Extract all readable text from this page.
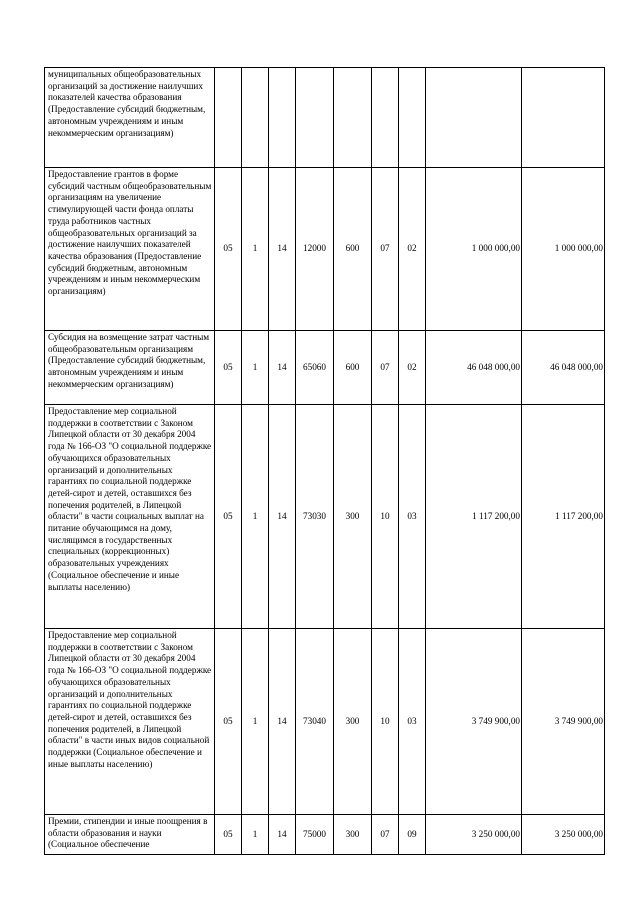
муниципальных общеобразовательных организаций за достижение наилучших показателей качества образования (Предоставление субсидий бюджетным, автономным учреждениям и иным некоммерческим организациям)									
Предоставление грантов в форме субсидий частным общеобразовательным организациям на увеличение стимулирующей части фонда оплаты труда работников частных общеобразовательных организаций за достижение наилучших показателей качества образования (Предоставление субсидий бюджетным, автономным учреждениям и иным некоммерческим организациям)	05	1	14	12000	600	07	02	1 000 000,00	1 000 000,00
Субсидия на возмещение затрат частным общеобразовательным организациям (Предоставление субсидий бюджетным, автономным учреждениям и иным некоммерческим организациям)	05	1	14	65060	600	07	02	46 048 000,00	46 048 000,00
Предоставление мер социальной поддержки в соответствии с Законом Липецкой области от 30 декабря 2004 года № 166-ОЗ "О социальной поддержке обучающихся образовательных организаций и дополнительных гарантиях по социальной поддержке детей-сирот и детей, оставшихся без попечения родителей, в Липецкой области" в части социальных выплат на питание обучающимся на дому, числящимся в государственных специальных (коррекционных) образовательных учреждениях (Социальное обеспечение и иные выплаты населению)	05	1	14	73030	300	10	03	1 117 200,00	1 117 200,00
Предоставление мер социальной поддержки в соответствии с Законом Липецкой области от 30 декабря 2004 года № 166-ОЗ "О социальной поддержке обучающихся образовательных организаций и дополнительных гарантиях по социальной поддержке детей-сирот и детей, оставшихся без попечения родителей, в Липецкой области" в части иных видов социальной поддержки (Социальное обеспечение и иные выплаты населению)	05	1	14	73040	300	10	03	3 749 900,00	3 749 900,00
Премии, стипендии и иные поощрения в области образования и науки (Социальное обеспечение	05	1	14	75000	300	07	09	3 250 000,00	3 250 000,00
